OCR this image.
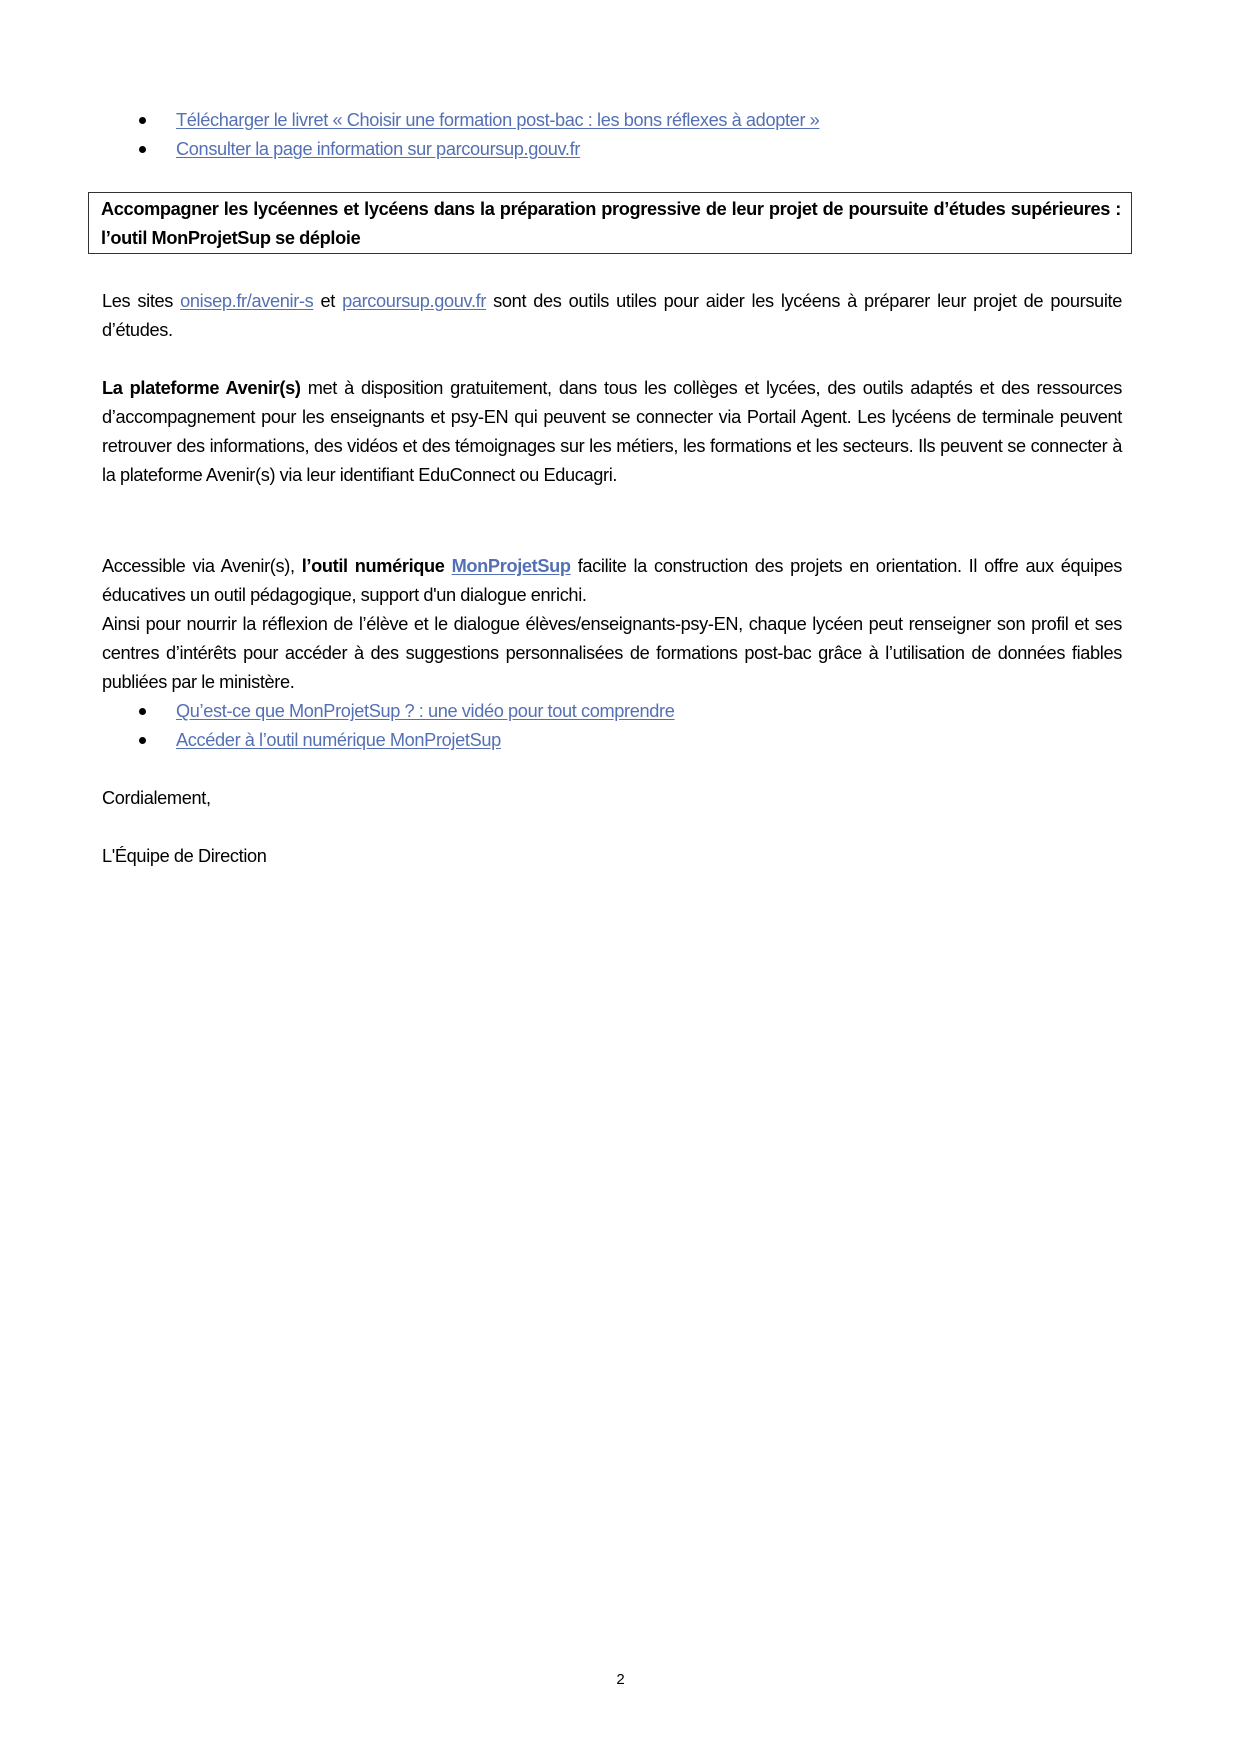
Télécharger le livret « Choisir une formation post-bac : les bons réflexes à adopter »
Consulter la page information sur parcoursup.gouv.fr

Accompagner les lycéennes et lycéens dans la préparation progressive de leur projet de poursuite d’études supérieures : l’outil MonProjetSup se déploie

Les sites onisep.fr/avenir-s et parcoursup.gouv.fr sont des outils utiles pour aider les lycéens à préparer leur projet de poursuite d’études.

La plateforme Avenir(s) met à disposition gratuitement, dans tous les collèges et lycées, des outils adaptés et des ressources d’accompagnement pour les enseignants et psy-EN qui peuvent se connecter via Portail Agent. Les lycéens de terminale peuvent retrouver des informations, des vidéos et des témoignages sur les métiers, les formations et les secteurs. Ils peuvent se connecter à la plateforme Avenir(s) via leur identifiant EduConnect ou Educagri.

Accessible via Avenir(s), l’outil numérique MonProjetSup facilite la construction des projets en orientation. Il offre aux équipes éducatives un outil pédagogique, support d'un dialogue enrichi.

Ainsi pour nourrir la réflexion de l’élève et le dialogue élèves/enseignants-psy-EN, chaque lycéen peut renseigner son profil et ses centres d’intérêts pour accéder à des suggestions personnalisées de formations post-bac grâce à l’utilisation de données fiables publiées par le ministère.

Qu’est-ce que MonProjetSup ? : une vidéo pour tout comprendre
Accéder à l’outil numérique MonProjetSup

Cordialement,

L'Équipe de Direction

2
